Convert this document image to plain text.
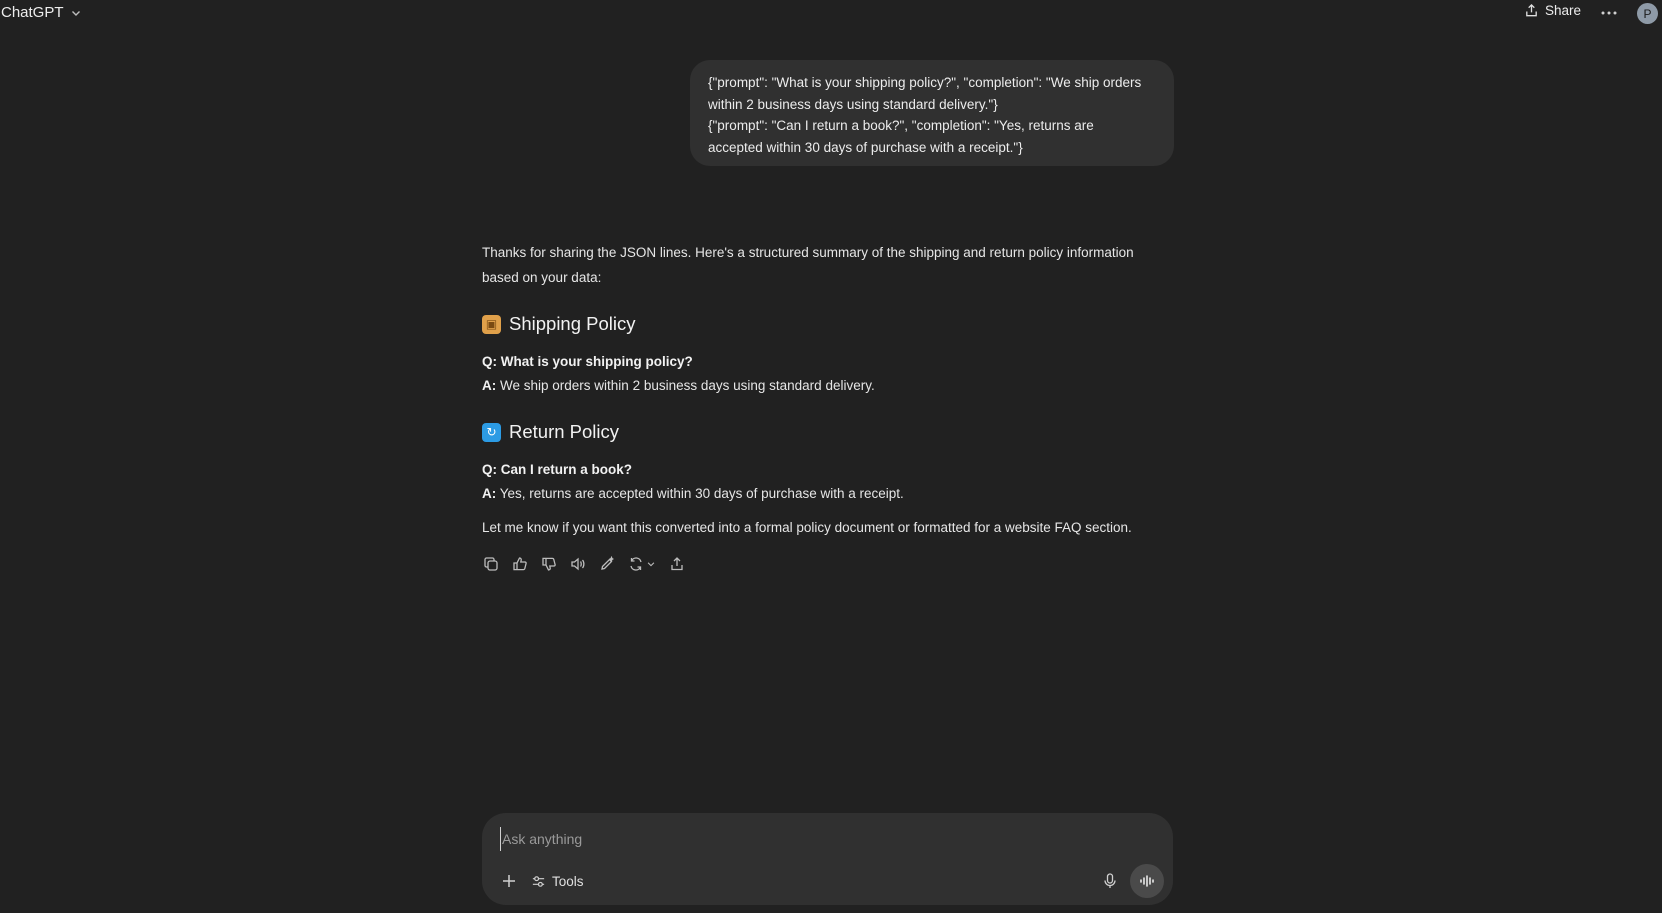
ChatGPT	Share	P
{"prompt": "What is your shipping policy?", "completion": "We ship orders
within 2 business days using standard delivery."}
{"prompt": "Can I return a book?", "completion": "Yes, returns are
accepted within 30 days of purchase with a receipt."}
Thanks for sharing the JSON lines. Here's a structured summary of the shipping and return policy information
based on your data:
▣ Shipping Policy
Q: What is your shipping policy?
A: We ship orders within 2 business days using standard delivery.
↻ Return Policy
Q: Can I return a book?
A: Yes, returns are accepted within 30 days of purchase with a receipt.
Let me know if you want this converted into a formal policy document or formatted for a website FAQ section.
Ask anything
Tools
